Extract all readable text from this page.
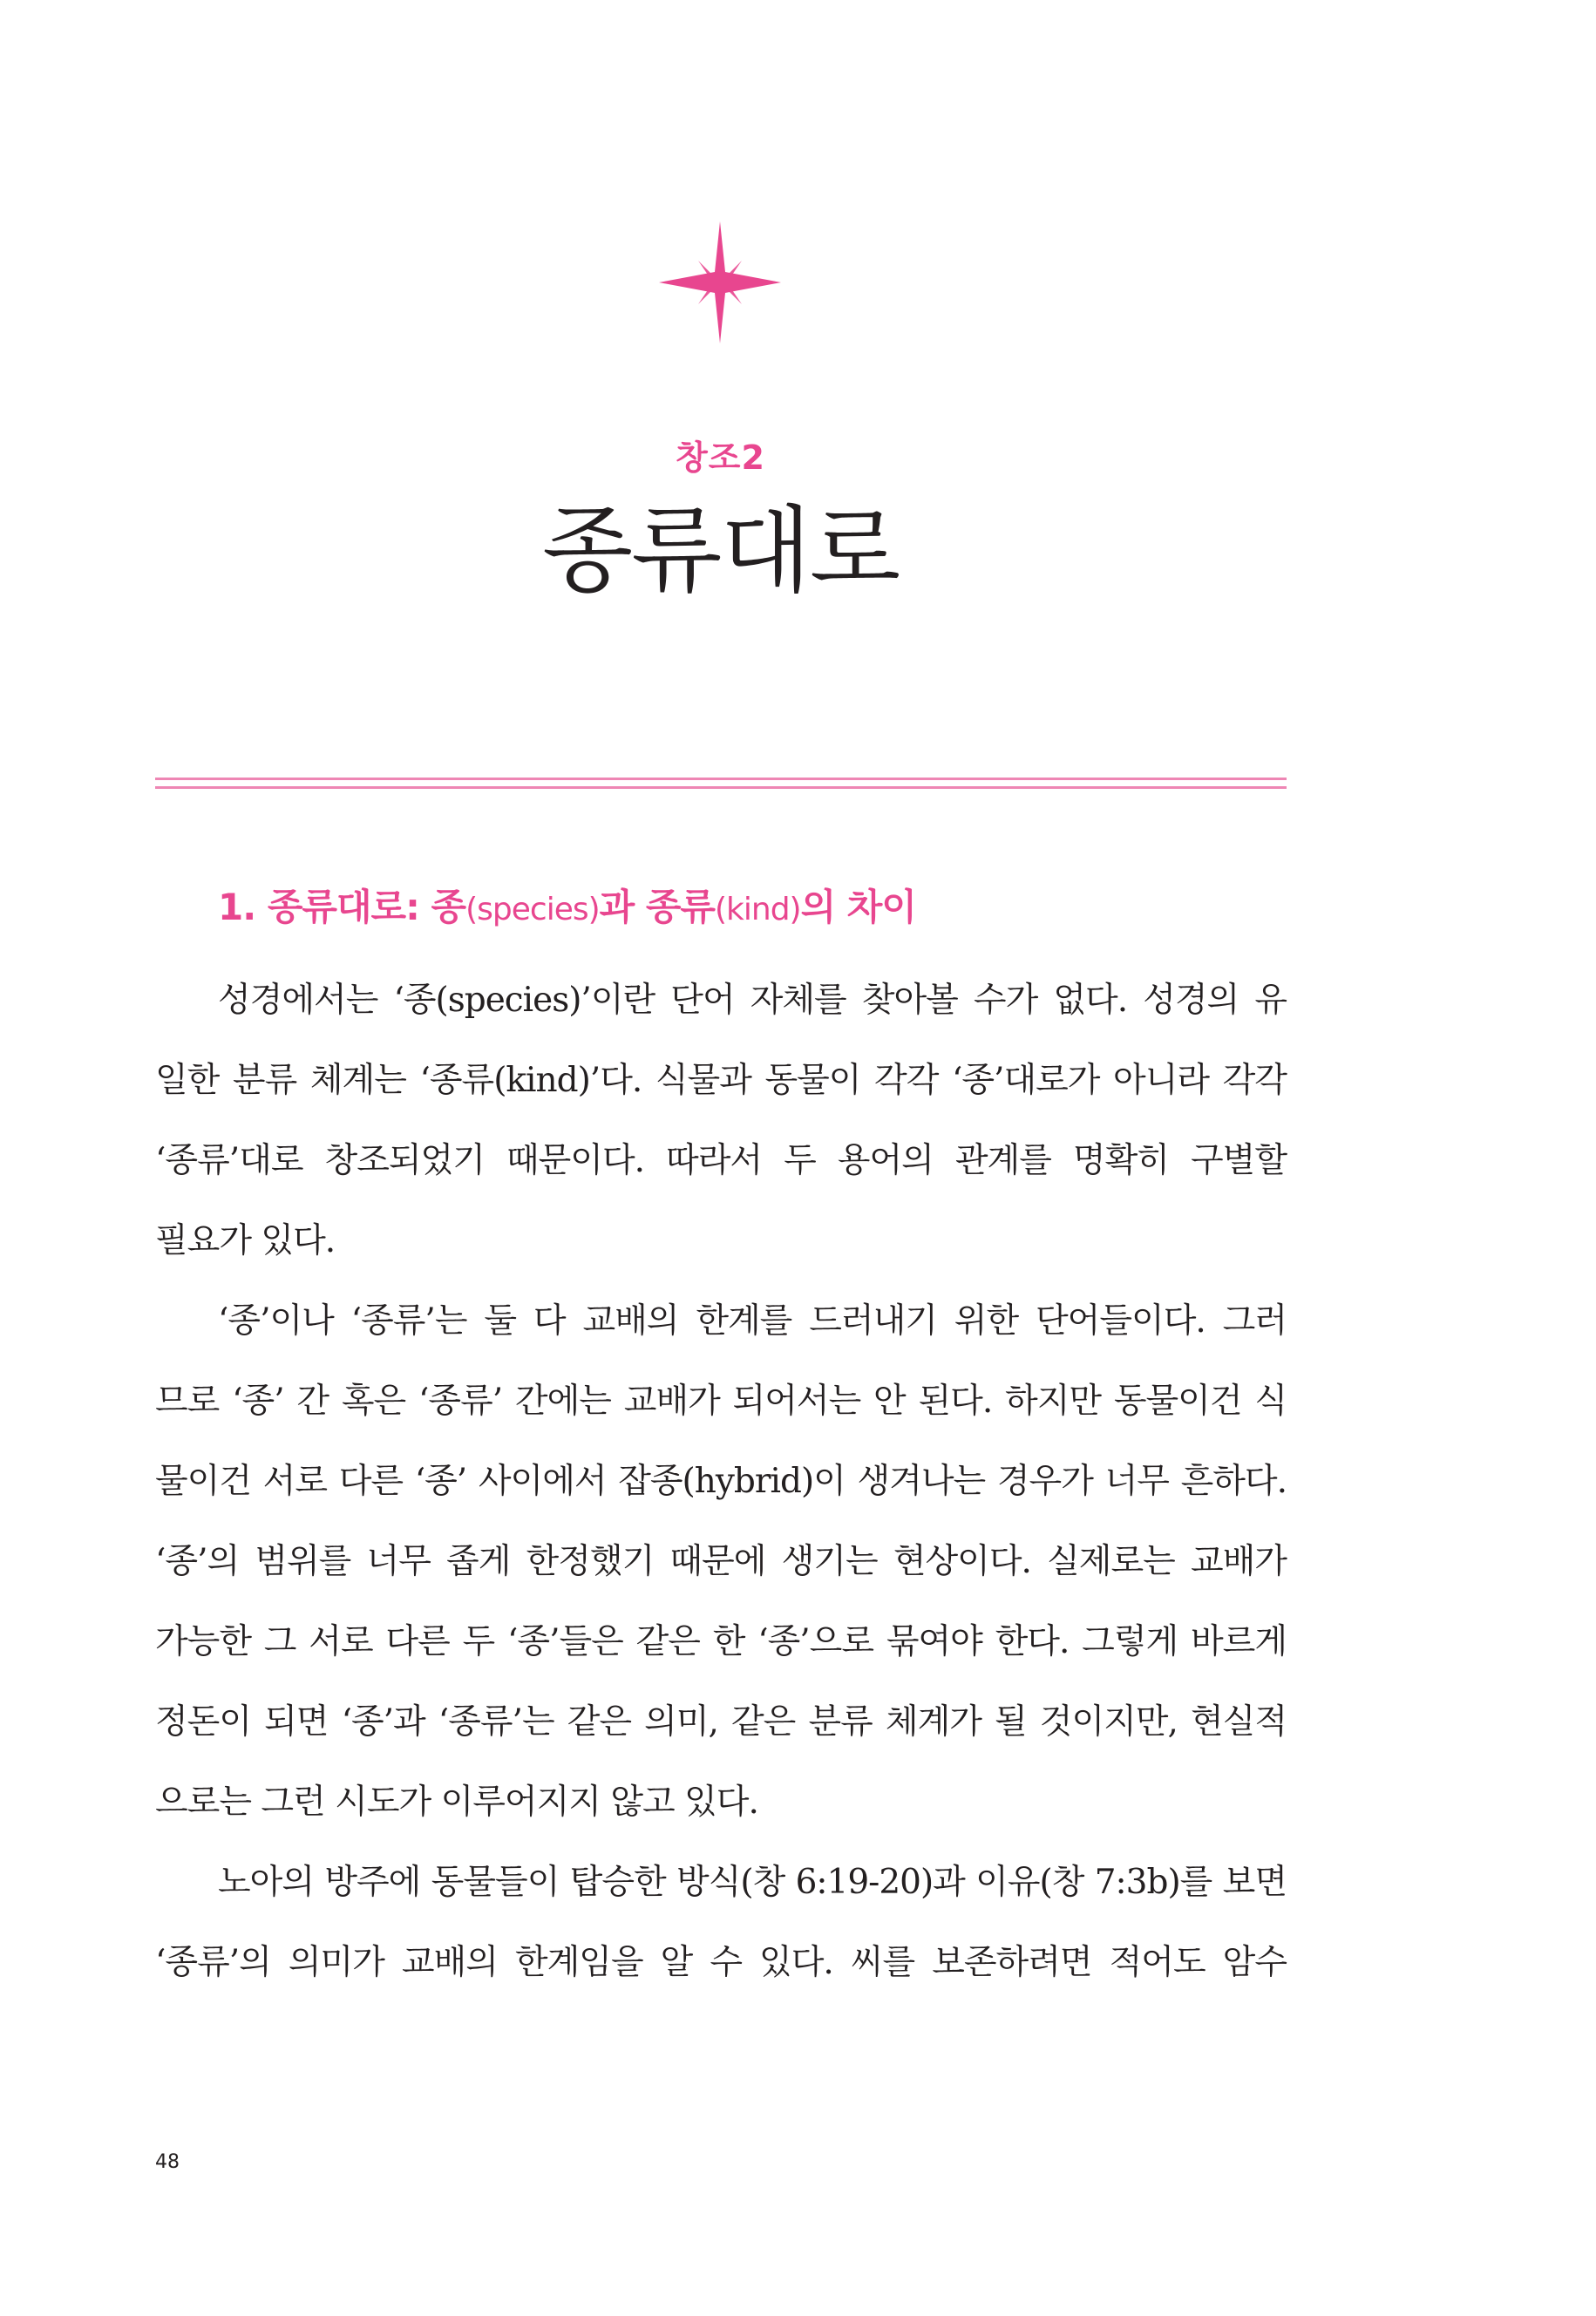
창조2
종류대로
1. 종류대로: 종(species)과 종류(kind)의 차이
성경에서는 ‘종(species)’이란 단어 자체를 찾아볼 수가 없다. 성경의 유
일한 분류 체계는 ‘종류(kind)’다. 식물과 동물이 각각 ‘종’대로가 아니라 각각
‘종류’대로 창조되었기 때문이다. 따라서 두 용어의 관계를 명확히 구별할
필요가 있다.
‘종’이나 ‘종류’는 둘 다 교배의 한계를 드러내기 위한 단어들이다. 그러
므로 ‘종’ 간 혹은 ‘종류’ 간에는 교배가 되어서는 안 된다. 하지만 동물이건 식
물이건 서로 다른 ‘종’ 사이에서 잡종(hybrid)이 생겨나는 경우가 너무 흔하다.
‘종’의 범위를 너무 좁게 한정했기 때문에 생기는 현상이다. 실제로는 교배가
가능한 그 서로 다른 두 ‘종’들은 같은 한 ‘종’으로 묶여야 한다. 그렇게 바르게
정돈이 되면 ‘종’과 ‘종류’는 같은 의미, 같은 분류 체계가 될 것이지만, 현실적
으로는 그런 시도가 이루어지지 않고 있다.
노아의 방주에 동물들이 탑승한 방식(창 6:19-20)과 이유(창 7:3b)를 보면
‘종류’의 의미가 교배의 한계임을 알 수 있다. 씨를 보존하려면 적어도 암수
48
